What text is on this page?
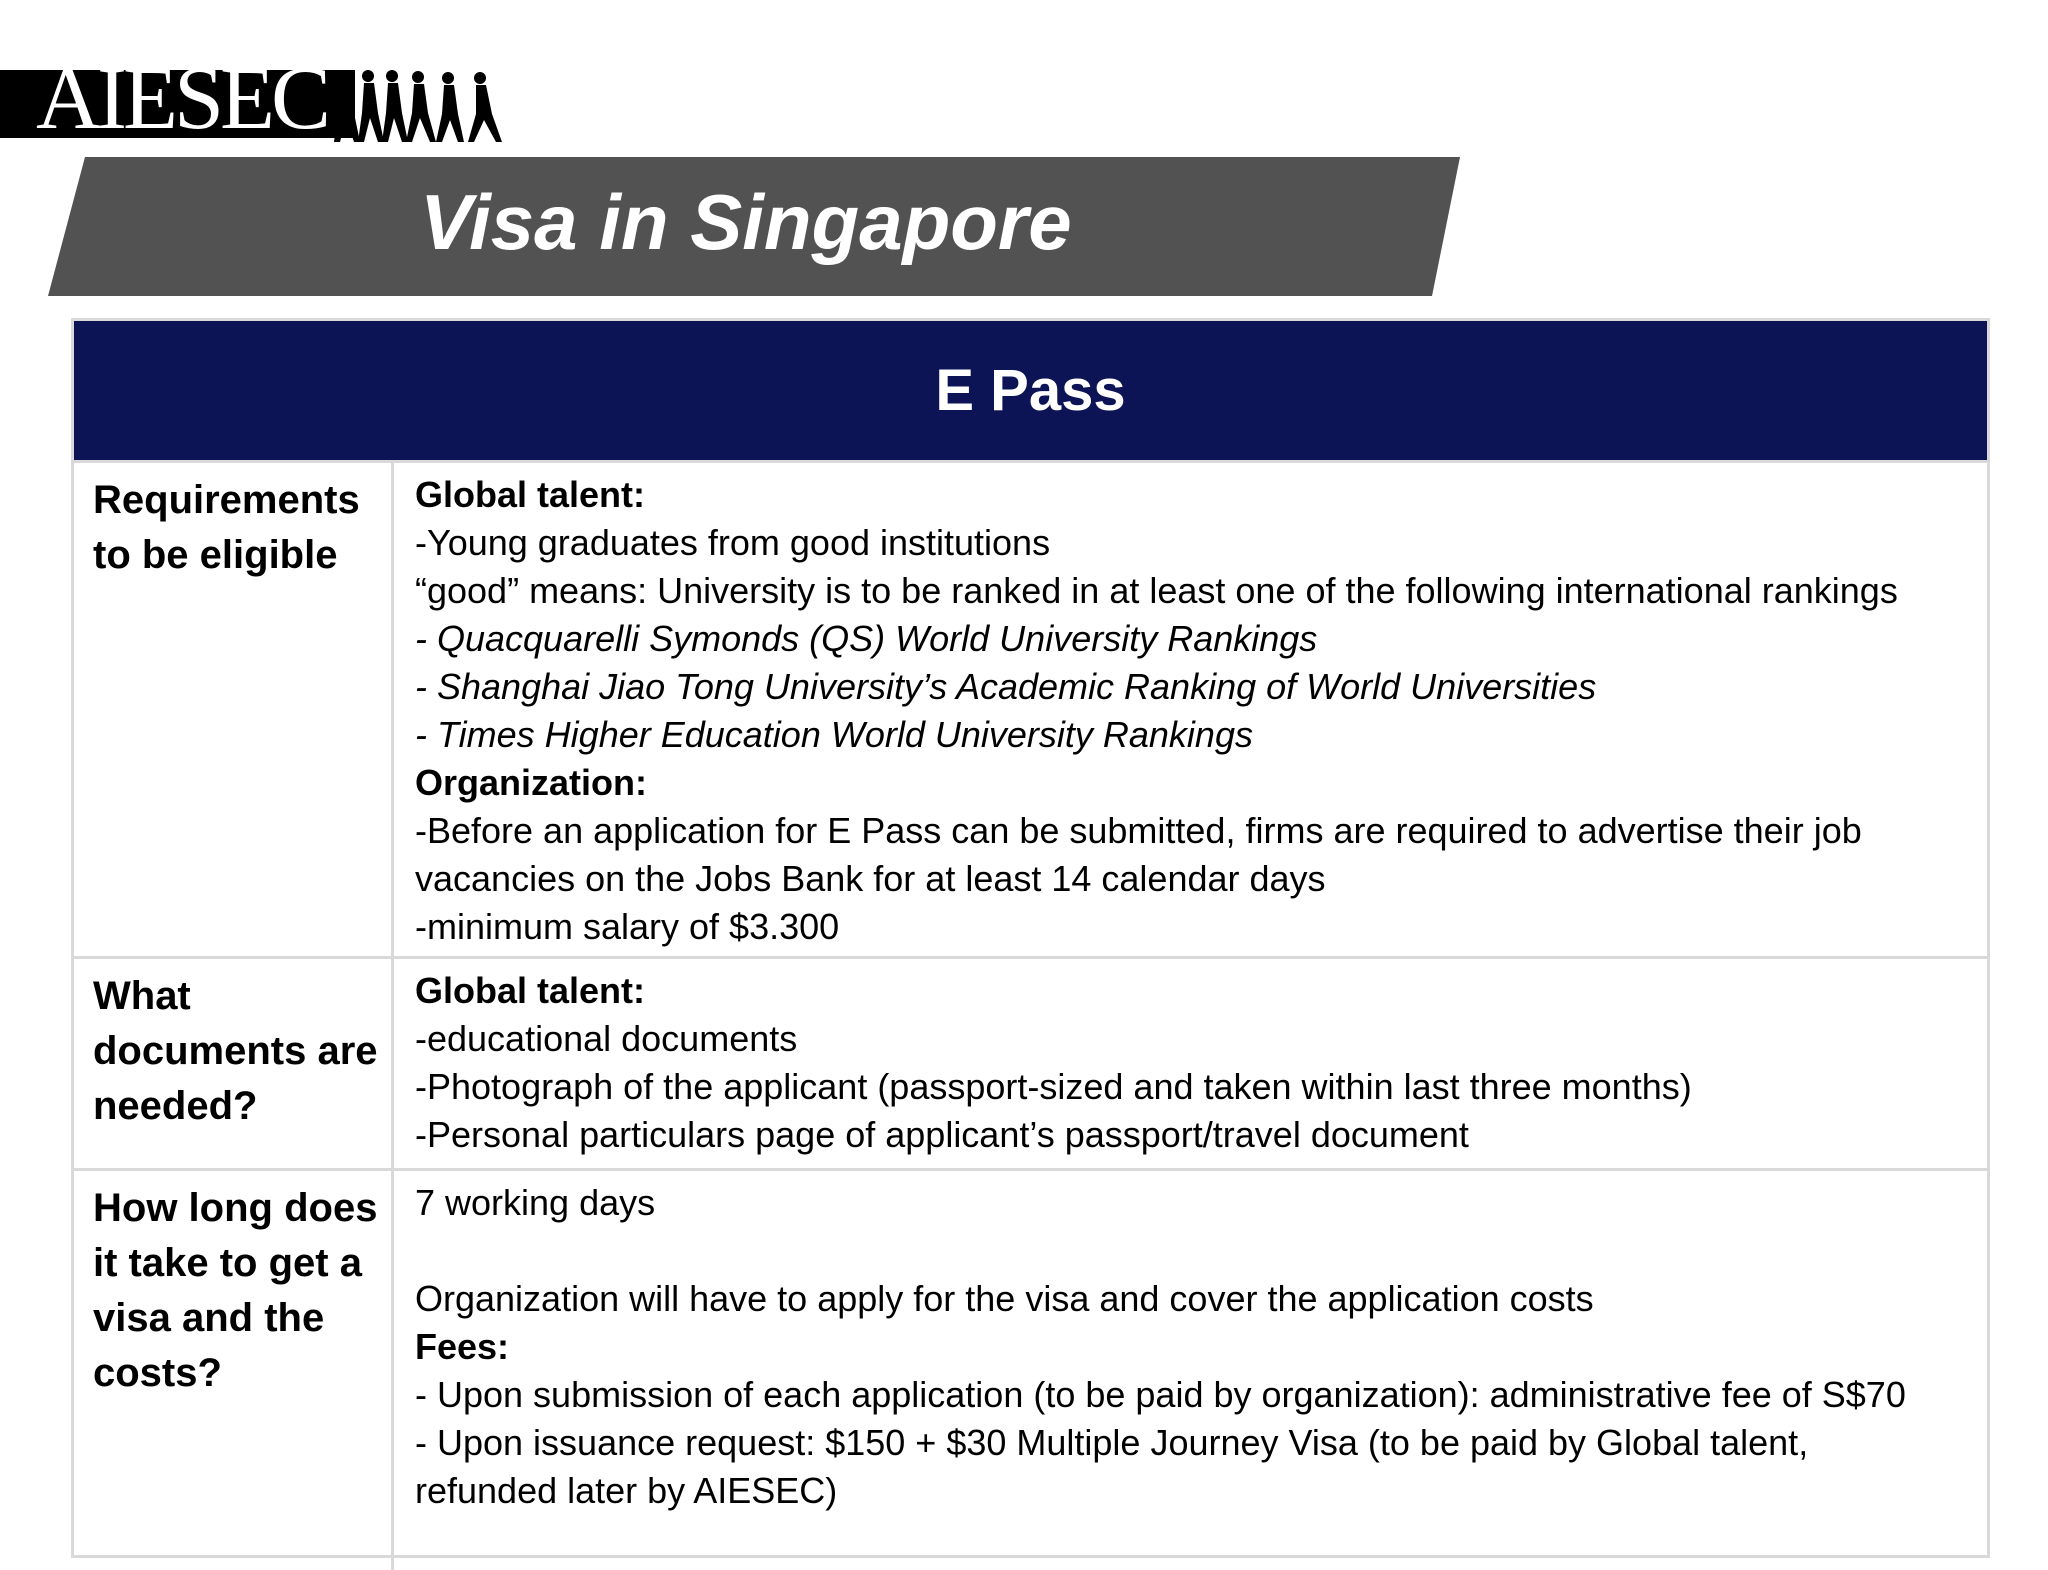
AIESEC
Visa in Singapore
E Pass
Requirements to be eligible
Global talent:
-Young graduates from good institutions
“good” means: University is to be ranked in at least one of the following international rankings
- Quacquarelli Symonds (QS) World University Rankings
- Shanghai Jiao Tong University’s Academic Ranking of World Universities
- Times Higher Education World University Rankings
Organization:
-Before an application for E Pass can be submitted, firms are required to advertise their job
vacancies on the Jobs Bank for at least 14 calendar days
-minimum salary of $3.300
What documents are needed?
Global talent:
-educational documents
-Photograph of the applicant (passport-sized and taken within last three months)
-Personal particulars page of applicant’s passport/travel document
How long does it take to get a visa and the costs?
7 working days
Organization will have to apply for the visa and cover the application costs
Fees:
- Upon submission of each application (to be paid by organization): administrative fee of S$70
- Upon issuance request: $150 + $30 Multiple Journey Visa (to be paid by Global talent,
refunded later by AIESEC)
